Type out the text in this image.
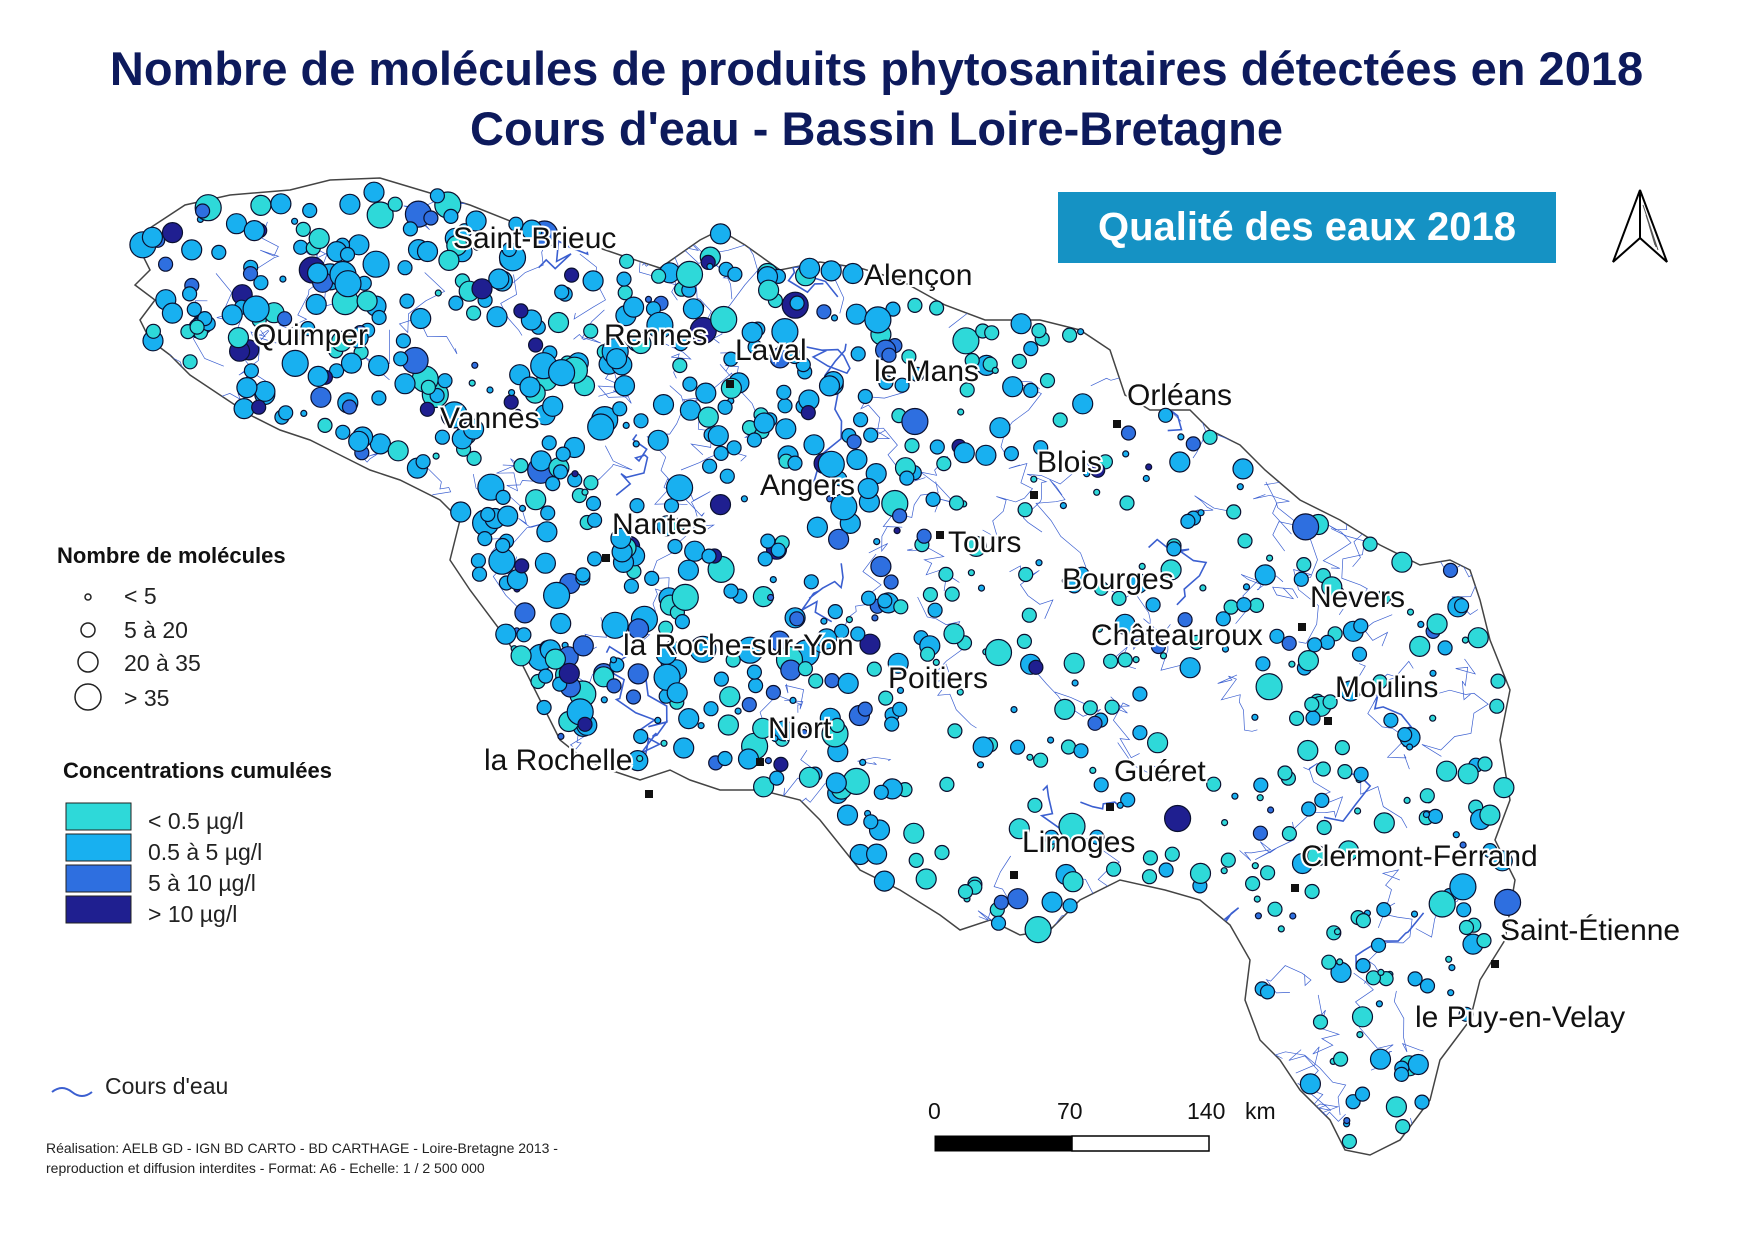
Nombre de molécules de produits phytosanitaires détectées en 2018
Cours d'eau - Bassin Loire-Bretagne
Qualité des eaux 2018
Saint-Brieuc
Quimper	Rennes Laval
Alençon
le Mans
Vannes
Orléans
Blois
Angers
Nantes
Tours
Bourges
Nevers
Châteauroux
la Roche-sur-Yon
Poitiers	Moulins
Niort
la Rochelle	Guéret
Limoges	Clermont-Ferrand
Saint-Étienne
le Puy-en-Velay
Nombre de molécules
< 5
5 à 20
20 à 35
> 35
Concentrations cumulées
< 0.5 µg/l
0.5 à 5 µg/l
5 à 10 µg/l
> 10 µg/l
Cours d'eau
0	70	140 km
Réalisation: AELB GD - IGN BD CARTO - BD CARTHAGE - Loire-Bretagne 2013 -
reproduction et diffusion interdites - Format: A6 - Echelle: 1 / 2 500 000
